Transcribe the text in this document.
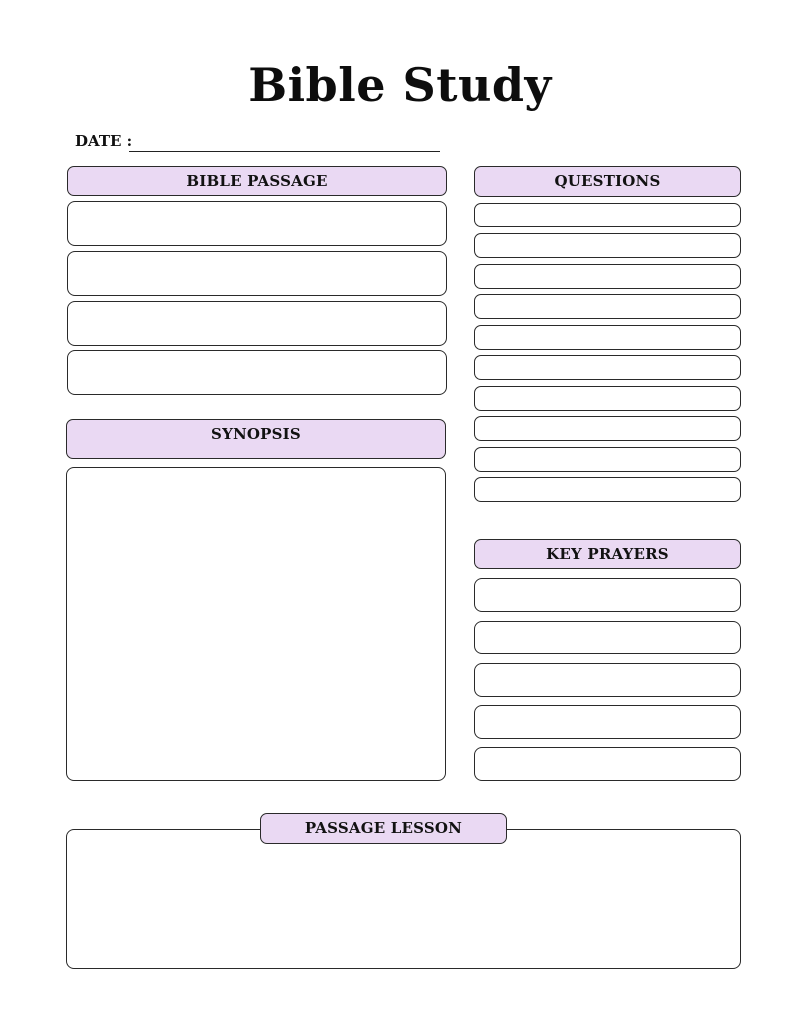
Bible Study
DATE :
BIBLE PASSAGE
SYNOPSIS
QUESTIONS
KEY PRAYERS
PASSAGE LESSON
